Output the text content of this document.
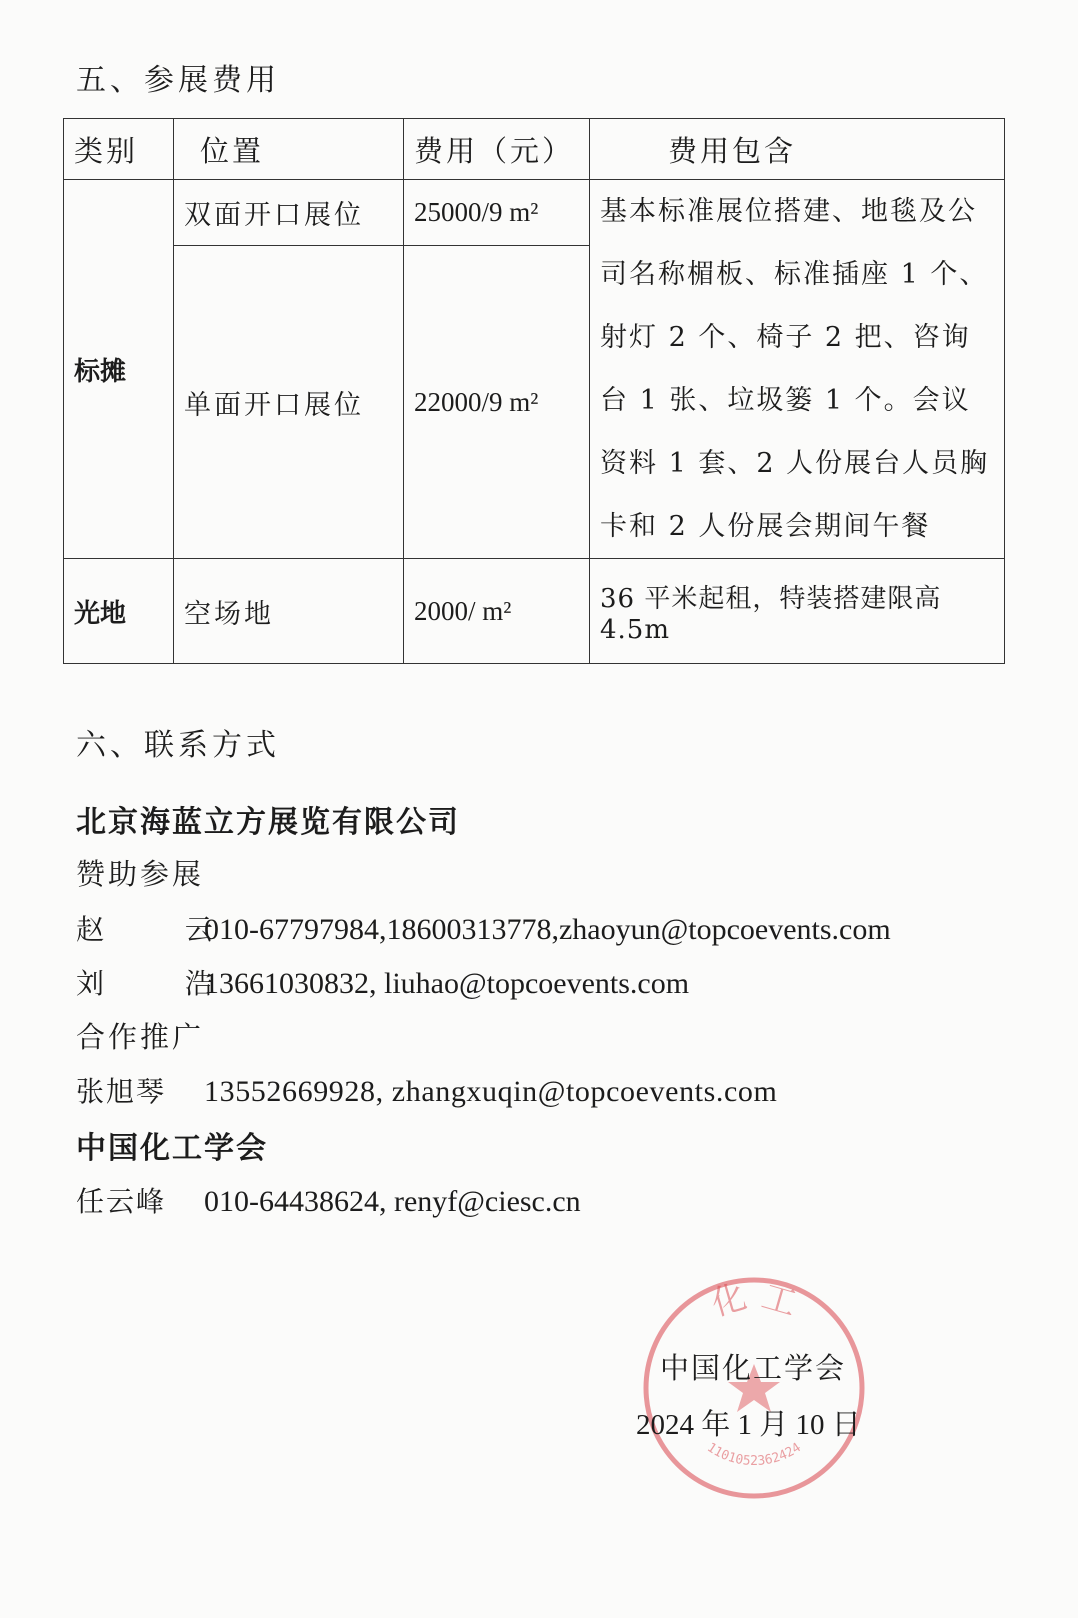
五、参展费用
类别	位置	费用（元）	费用包含
标摊	双面开口展位	25000/9 m²	基本标准展位搭建、地毯及公司名称楣板、标准插座 1 个、射灯 2 个、椅子 2 把、咨询台 1 张、垃圾篓 1 个。会议资料 1 套、2 人份展台人员胸卡和 2 人份展会期间午餐
	单面开口展位	22000/9 m²	
光地	空场地	2000/ m²	36 平米起租，特装搭建限高 4.5m
六、联系方式
北京海蓝立方展览有限公司
赞助参展
赵 云010-67797984,18600313778,zhaoyun@topcoevents.com
刘 浩13661030832, liuhao@topcoevents.com
合作推广
张旭琴 13552669928, zhangxuqin@topcoevents.com
中国化工学会
任云峰 010-64438624, renyf@ciesc.cn
化 工
1101052362424
中国化工学会
2024 年 1 月 10 日
